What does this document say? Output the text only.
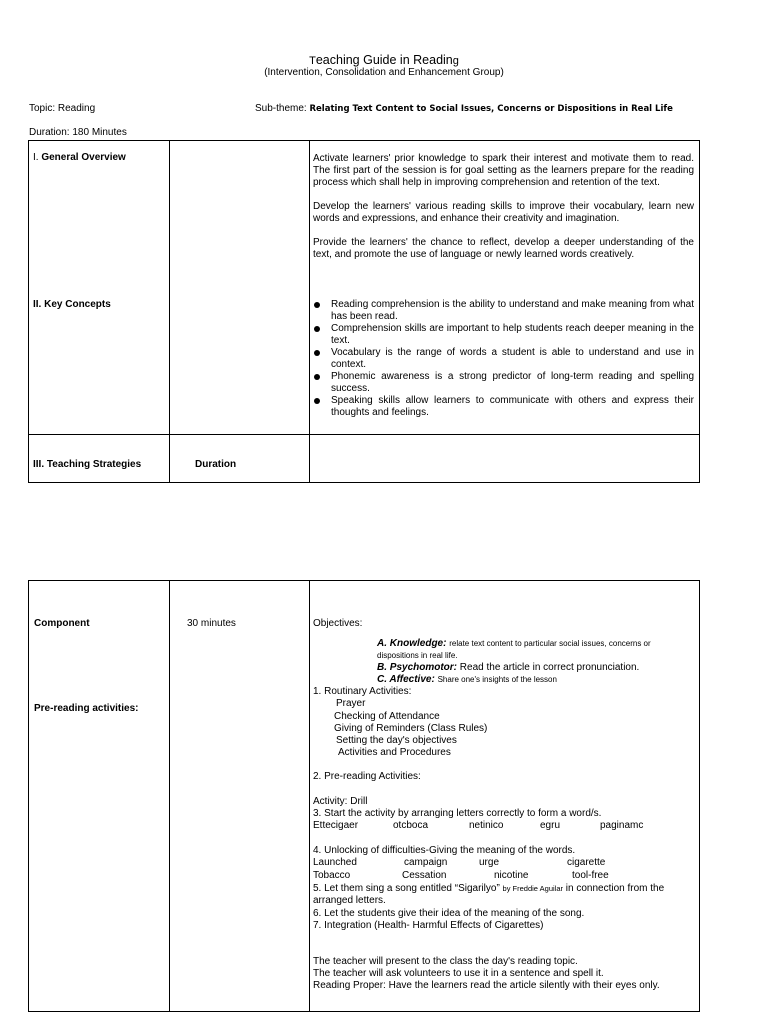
Teaching Guide in Reading
(Intervention, Consolidation and Enhancement Group)
Topic: Reading	Sub-theme: Relating Text Content to Social Issues, Concerns or Dispositions in Real Life
Duration: 180 Minutes
I. General Overview	Activate learners' prior knowledge to spark their interest and motivate them to read. The first part of the session is for goal setting as the learners prepare for the reading process which shall help in improving comprehension and retention of the text.
Develop the learners' various reading skills to improve their vocabulary, learn new words and expressions, and enhance their creativity and imagination.
Provide the learners' the chance to reflect, develop a deeper understanding of the text, and promote the use of language or newly learned words creatively.
II. Key Concepts	Reading comprehension is the ability to understand and make meaning from what has been read.
Comprehension skills are important to help students reach deeper meaning in the text.
Vocabulary is the range of words a student is able to understand and use in context.
Phonemic awareness is a strong predictor of long-term reading and spelling success.
Speaking skills allow learners to communicate with others and express their thoughts and feelings.
III. Teaching Strategies	Duration
Component	30 minutes
Pre-reading activities:
Objectives:
A. Knowledge: relate text content to particular social issues, concerns or
dispositions in real life.
B. Psychomotor: Read the article in correct pronunciation.
C. Affective: Share one's insights of the lesson
1. Routinary Activities:
Prayer
Checking of Attendance
Giving of Reminders (Class Rules)
Setting the day's objectives
Activities and Procedures
2. Pre-reading Activities:
Activity: Drill
3. Start the activity by arranging letters correctly to form a word/s.
Ettecigaer	otcboca	netinico	egru	paginamc
4. Unlocking of difficulties-Giving the meaning of the words.
Launched	campaign	urge	cigarette
Tobacco	Cessation	nicotine	tool-free
5. Let them sing a song entitled “Sigarilyo” by Freddie Aguilar in connection from the
arranged letters.
6. Let the students give their idea of the meaning of the song.
7. Integration (Health- Harmful Effects of Cigarettes)
The teacher will present to the class the day's reading topic.
The teacher will ask volunteers to use it in a sentence and spell it.
Reading Proper: Have the learners read the article silently with their eyes only.
